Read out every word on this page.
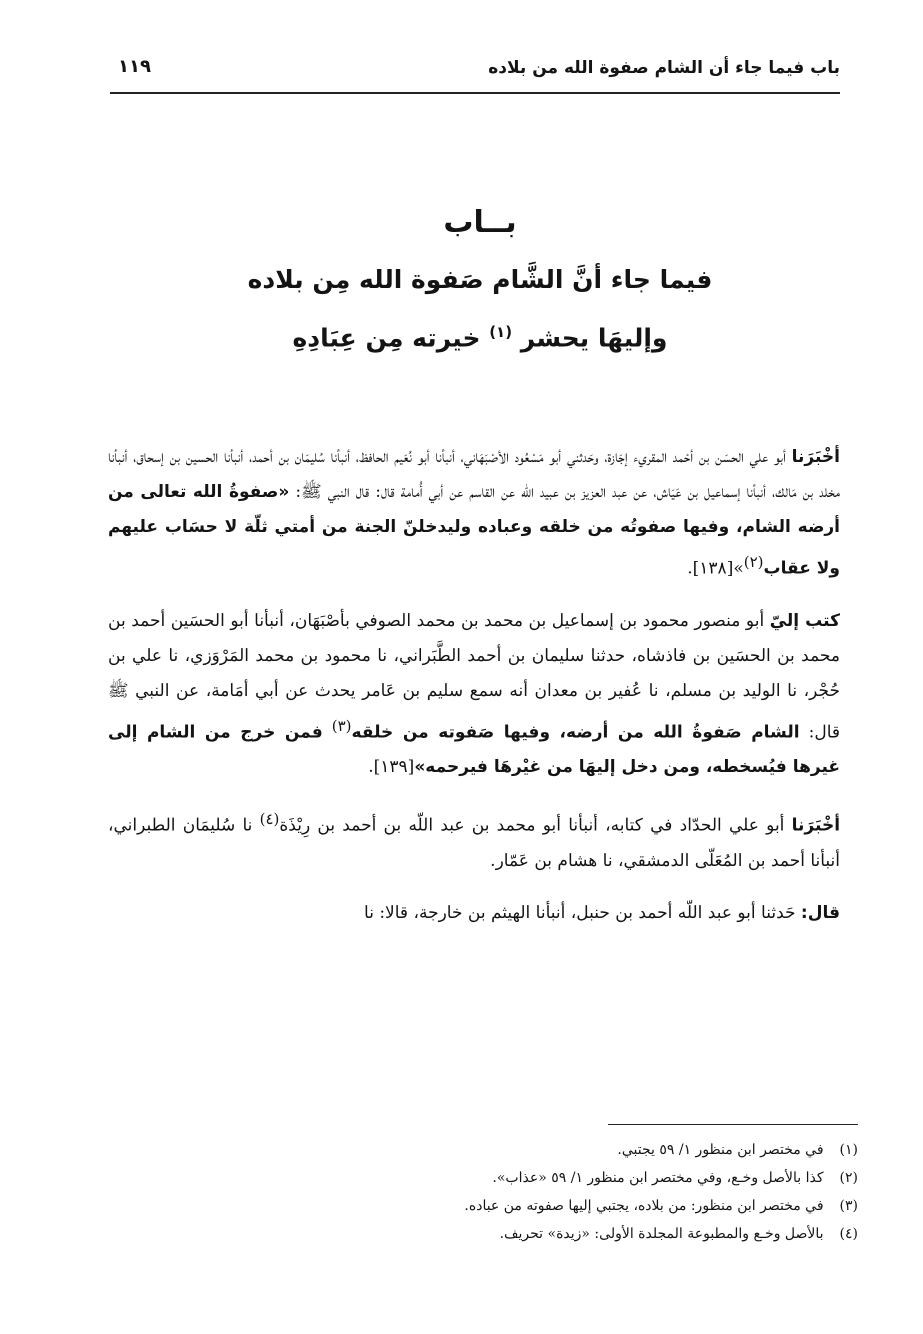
باب فيما جاء أن الشام صفوة الله من بلاده
١١٩
بــاب
فيما جاء أنَّ الشَّام صَفوة الله مِن بلاده
وإليهَا يحشر $^{(١)}$ خيرته مِن عِبَادِهِ

أخْبَرَنا أبو علي الحسَن بن أحْمد المقريء إجَازة، وحَدثني أبو مَسْعُود الأصْبَهَاني، أنبأنا أبو نُعَيم الحافظ، أنبأنا سُليمَان بن أحمد، أنبأنا الحسين بن إسحاق، أنبأنا مخلد بن مَالك، أنبأنا إسماعيل بن عَيَاش، عن عبد العزيز بن عبيد الله عن القاسم عن أبي أُمامة قال: قال النبي ﷺ: «صفوةُ الله تعالى من أرضه الشام، وفيها صفوتُه من خلقه وعباده وليدخلنّ الجنة من أمتي ثلّة لا حسَاب عليهم ولا عقاب(٢)»[١٣٨].

كتب إليّ أبو منصور محمود بن إسماعيل بن محمد بن محمد الصوفي بأصْبَهَان، أنبأنا أبو الحسَين أحمد بن محمد بن الحسَين بن فاذشاه، حدثنا سليمان بن أحمد الطَّبَراني، نا محمود بن محمد المَرْوَزي، نا علي بن حُجْر، نا الوليد بن مسلم، نا عُفير بن معدان أنه سمع سليم بن عَامر يحدث عن أبي أمَامة، عن النبي ﷺ قال: الشام صَفوةُ الله من أرضه، وفيها صَفوته من خلقه(٣) فمن خرج من الشام إلى غيرها فيُسخطه، ومن دخل إليهَا من غيْرهَا فيرحمه»[١٣٩].

أخْبَرَنا أبو علي الحدّاد في كتابه، أنبأنا أبو محمد بن عبد اللّه بن أحمد بن رِيْذَة(٤) نا سُليمَان الطبراني، أنبأنا أحمد بن المُعَلّى الدمشقي، نا هشام بن عَمّار.

قال: حَدثنا أبو عبد اللّه أحمد بن حنبل، أنبأنا الهيثم بن خارجة، قالا: نا

(١) في مختصر ابن منظور ١/ ٥٩ يجتبي.
(٢) كذا بالأصل وخـع، وفي مختصر ابن منظور ١/ ٥٩ «عذاب».
(٣) في مختصر ابن منظور: من بلاده، يجتبي إليها صفوته من عباده.
(٤) بالأصل وخـع والمطبوعة المجلدة الأولى: «زيدة» تحريف.
